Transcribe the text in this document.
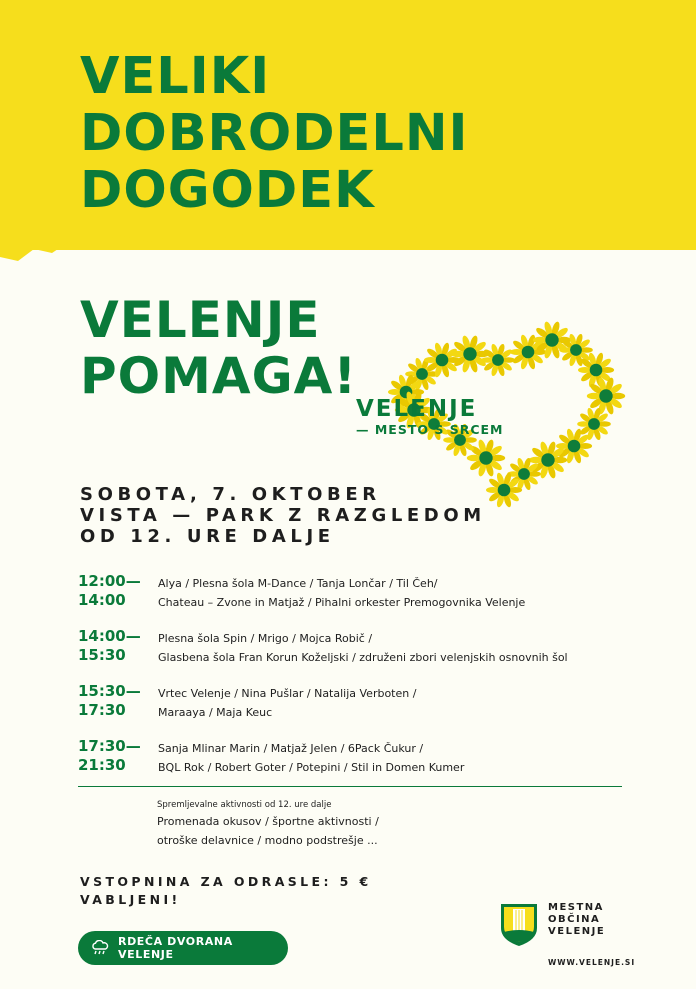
VELIKI
DOBRODELNI
DOGODEK
VELENJE
POMAGA!
VELENJE
— MESTO S SRCEM
SOBOTA, 7. OKTOBER
VISTA — PARK Z RAZGLEDOM
OD 12. URE DALJE
12:00—
14:00
Alya / Plesna šola M-Dance / Tanja Lončar / Til Čeh/
Chateau – Zvone in Matjaž / Pihalni orkester Premogovnika Velenje
14:00—
15:30
Plesna šola Spin / Mrigo / Mojca Robič /
Glasbena šola Fran Korun Koželjski / združeni zbori velenjskih osnovnih šol
15:30—
17:30
Vrtec Velenje / Nina Pušlar / Natalija Verboten /
Maraaya / Maja Keuc
17:30—
21:30
Sanja Mlinar Marin / Matjaž Jelen / 6Pack Čukur /
BQL Rok / Robert Goter / Potepini / Stil in Domen Kumer
Spremljevalne aktivnosti od 12. ure dalje
Promenada okusov / športne aktivnosti /
otroške delavnice / modno podstrešje ...
VSTOPNINA ZA ODRASLE: 5 €
VABLJENI!
RDEČA DVORANA VELENJE
MESTNA
OBČINA
VELENJE
WWW.VELENJE.SI
